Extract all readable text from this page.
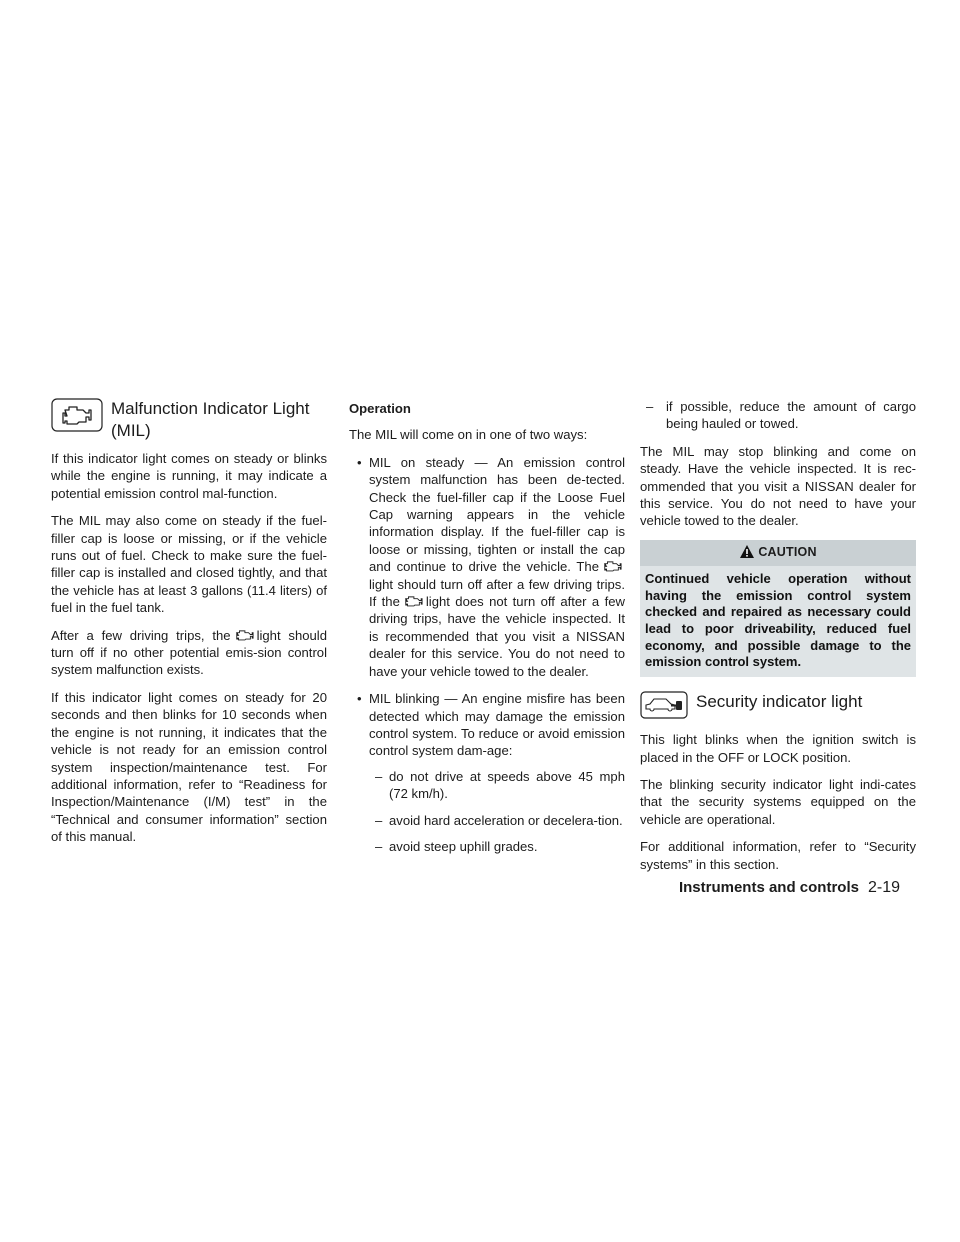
Malfunction Indicator Light (MIL)

If this indicator light comes on steady or blinks while the engine is running, it may indicate a potential emission control mal-function.

The MIL may also come on steady if the fuel-filler cap is loose or missing, or if the vehicle runs out of fuel. Check to make sure the fuel-filler cap is installed and closed tightly, and that the vehicle has at least 3 gallons (11.4 liters) of fuel in the fuel tank.

After a few driving trips, the light should turn off if no other potential emis-sion control system malfunction exists.

If this indicator light comes on steady for 20 seconds and then blinks for 10 seconds when the engine is not running, it indicates that the vehicle is not ready for an emission control system inspection/maintenance test. For additional information, refer to “Readiness for Inspection/Maintenance (I/M) test” in the “Technical and consumer information” section of this manual.

Operation

The MIL will come on in one of two ways:

• MIL on steady — An emission control system malfunction has been de-tected. Check the fuel-filler cap if the Loose Fuel Cap warning appears in the vehicle information display. If the fuel-filler cap is loose or missing, tighten or install the cap and continue to drive the vehicle. Thelight should turn off after a few driving trips. If the light does not turn off after a few driving trips, have the vehicle inspected. It is recommended that you visit a NISSAN dealer for this service. You do not need to have your vehicle towed to the dealer.
• MIL blinking — An engine misfire has been detected which may damage the emission control system. To reduce or avoid emission control system dam-age:
– do not drive at speeds above 45 mph (72 km/h).
– avoid hard acceleration or decelera-tion.
– avoid steep uphill grades.
– if possible, reduce the amount of cargo being hauled or towed.

The MIL may stop blinking and come on steady. Have the vehicle inspected. It is rec-ommended that you visit a NISSAN dealer for this service. You do not need to have your vehicle towed to the dealer.

CAUTION
Continued vehicle operation without having the emission control system checked and repaired as necessary could lead to poor driveability, reduced fuel economy, and possible damage to the emission control system.
Security indicator light

This light blinks when the ignition switch is placed in the OFF or LOCK position.

The blinking security indicator light indi-cates that the security systems equipped on the vehicle are operational.

For additional information, refer to “Security systems” in this section.

Instruments and controls 2-19
